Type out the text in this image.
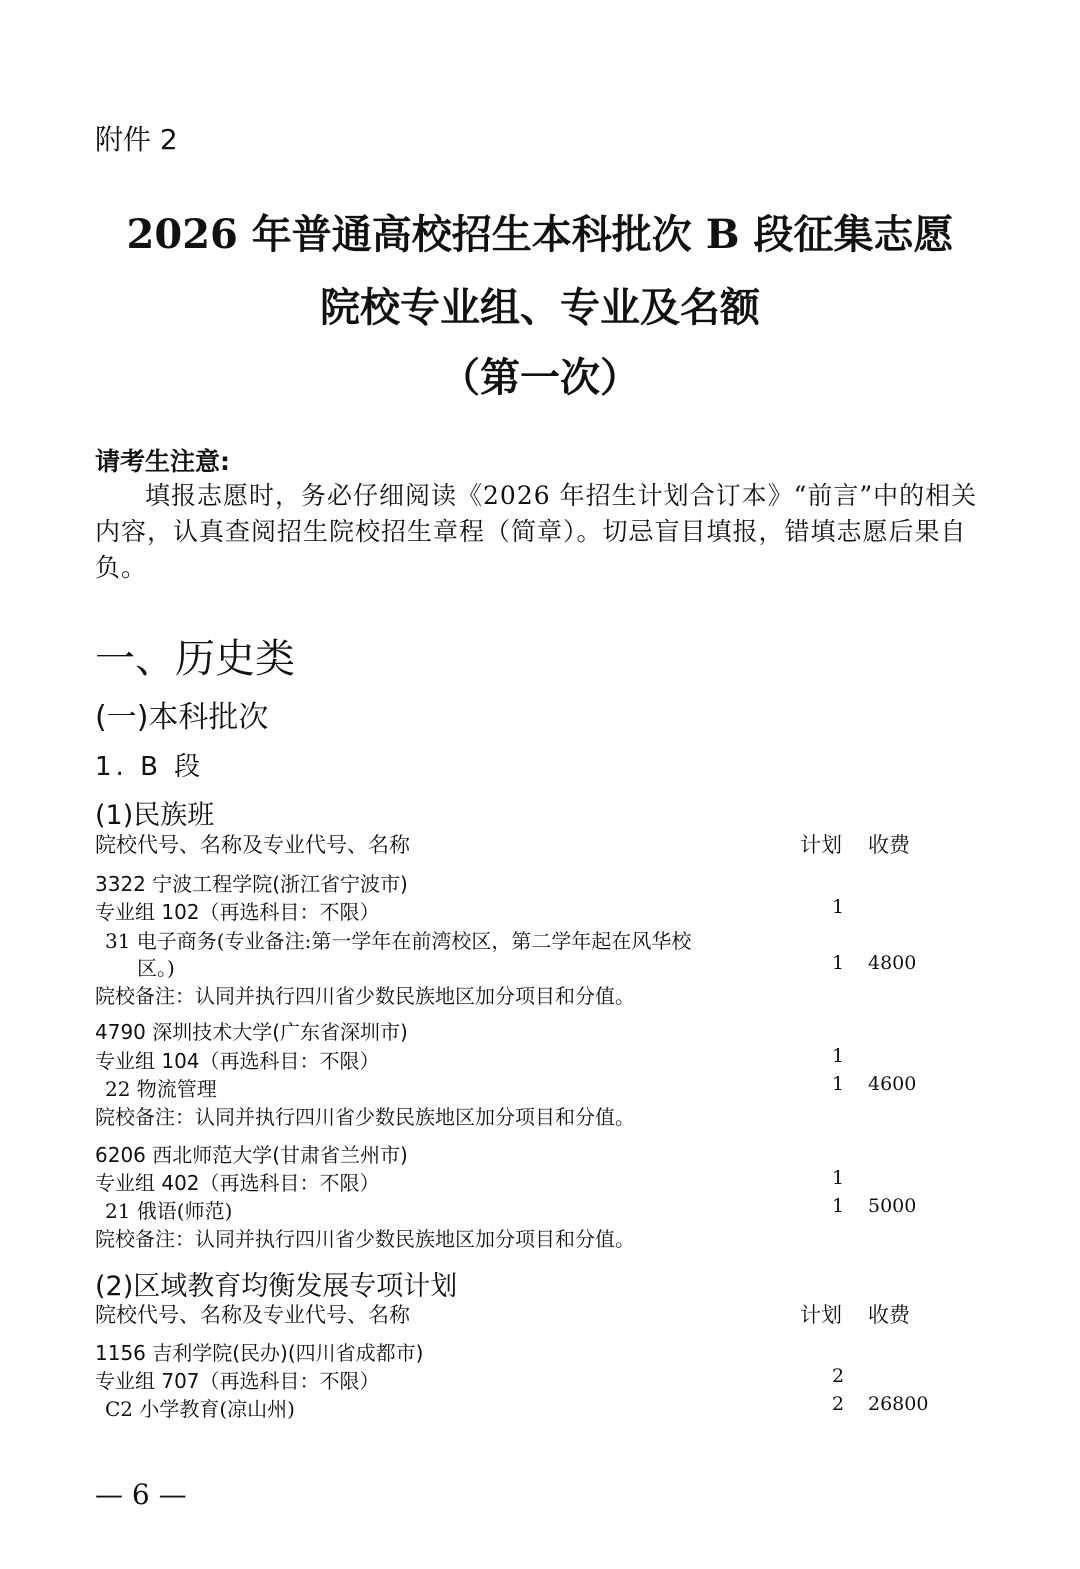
附件 2
2026 年普通高校招生本科批次 B 段征集志愿
院校专业组、专业及名额
（第一次）
请考生注意:
填报志愿时，务必仔细阅读《2026 年招生计划合订本》“前言”中的相关内容，认真查阅招生院校招生章程（简章）。切忌盲目填报，错填志愿后果自负。
一、历史类
(一)本科批次
1. B 段
(1)民族班
院校代号、名称及专业代号、名称	计划 收费
3322 宁波工程学院(浙江省宁波市)
专业组 102（再选科目：不限）	1
31 电子商务(专业备注:第一学年在前湾校区，第二学年起在风华校
区。)	1 4800
院校备注：认同并执行四川省少数民族地区加分项目和分值。
4790 深圳技术大学(广东省深圳市)
专业组 104（再选科目：不限）	1
22 物流管理	1 4600
院校备注：认同并执行四川省少数民族地区加分项目和分值。
6206 西北师范大学(甘肃省兰州市)
专业组 402（再选科目：不限）	1
21 俄语(师范)	1 5000
院校备注：认同并执行四川省少数民族地区加分项目和分值。
(2)区域教育均衡发展专项计划
院校代号、名称及专业代号、名称	计划 收费
1156 吉利学院(民办)(四川省成都市)
专业组 707（再选科目：不限）	2
C2 小学教育(凉山州)	2 26800
— 6 —
